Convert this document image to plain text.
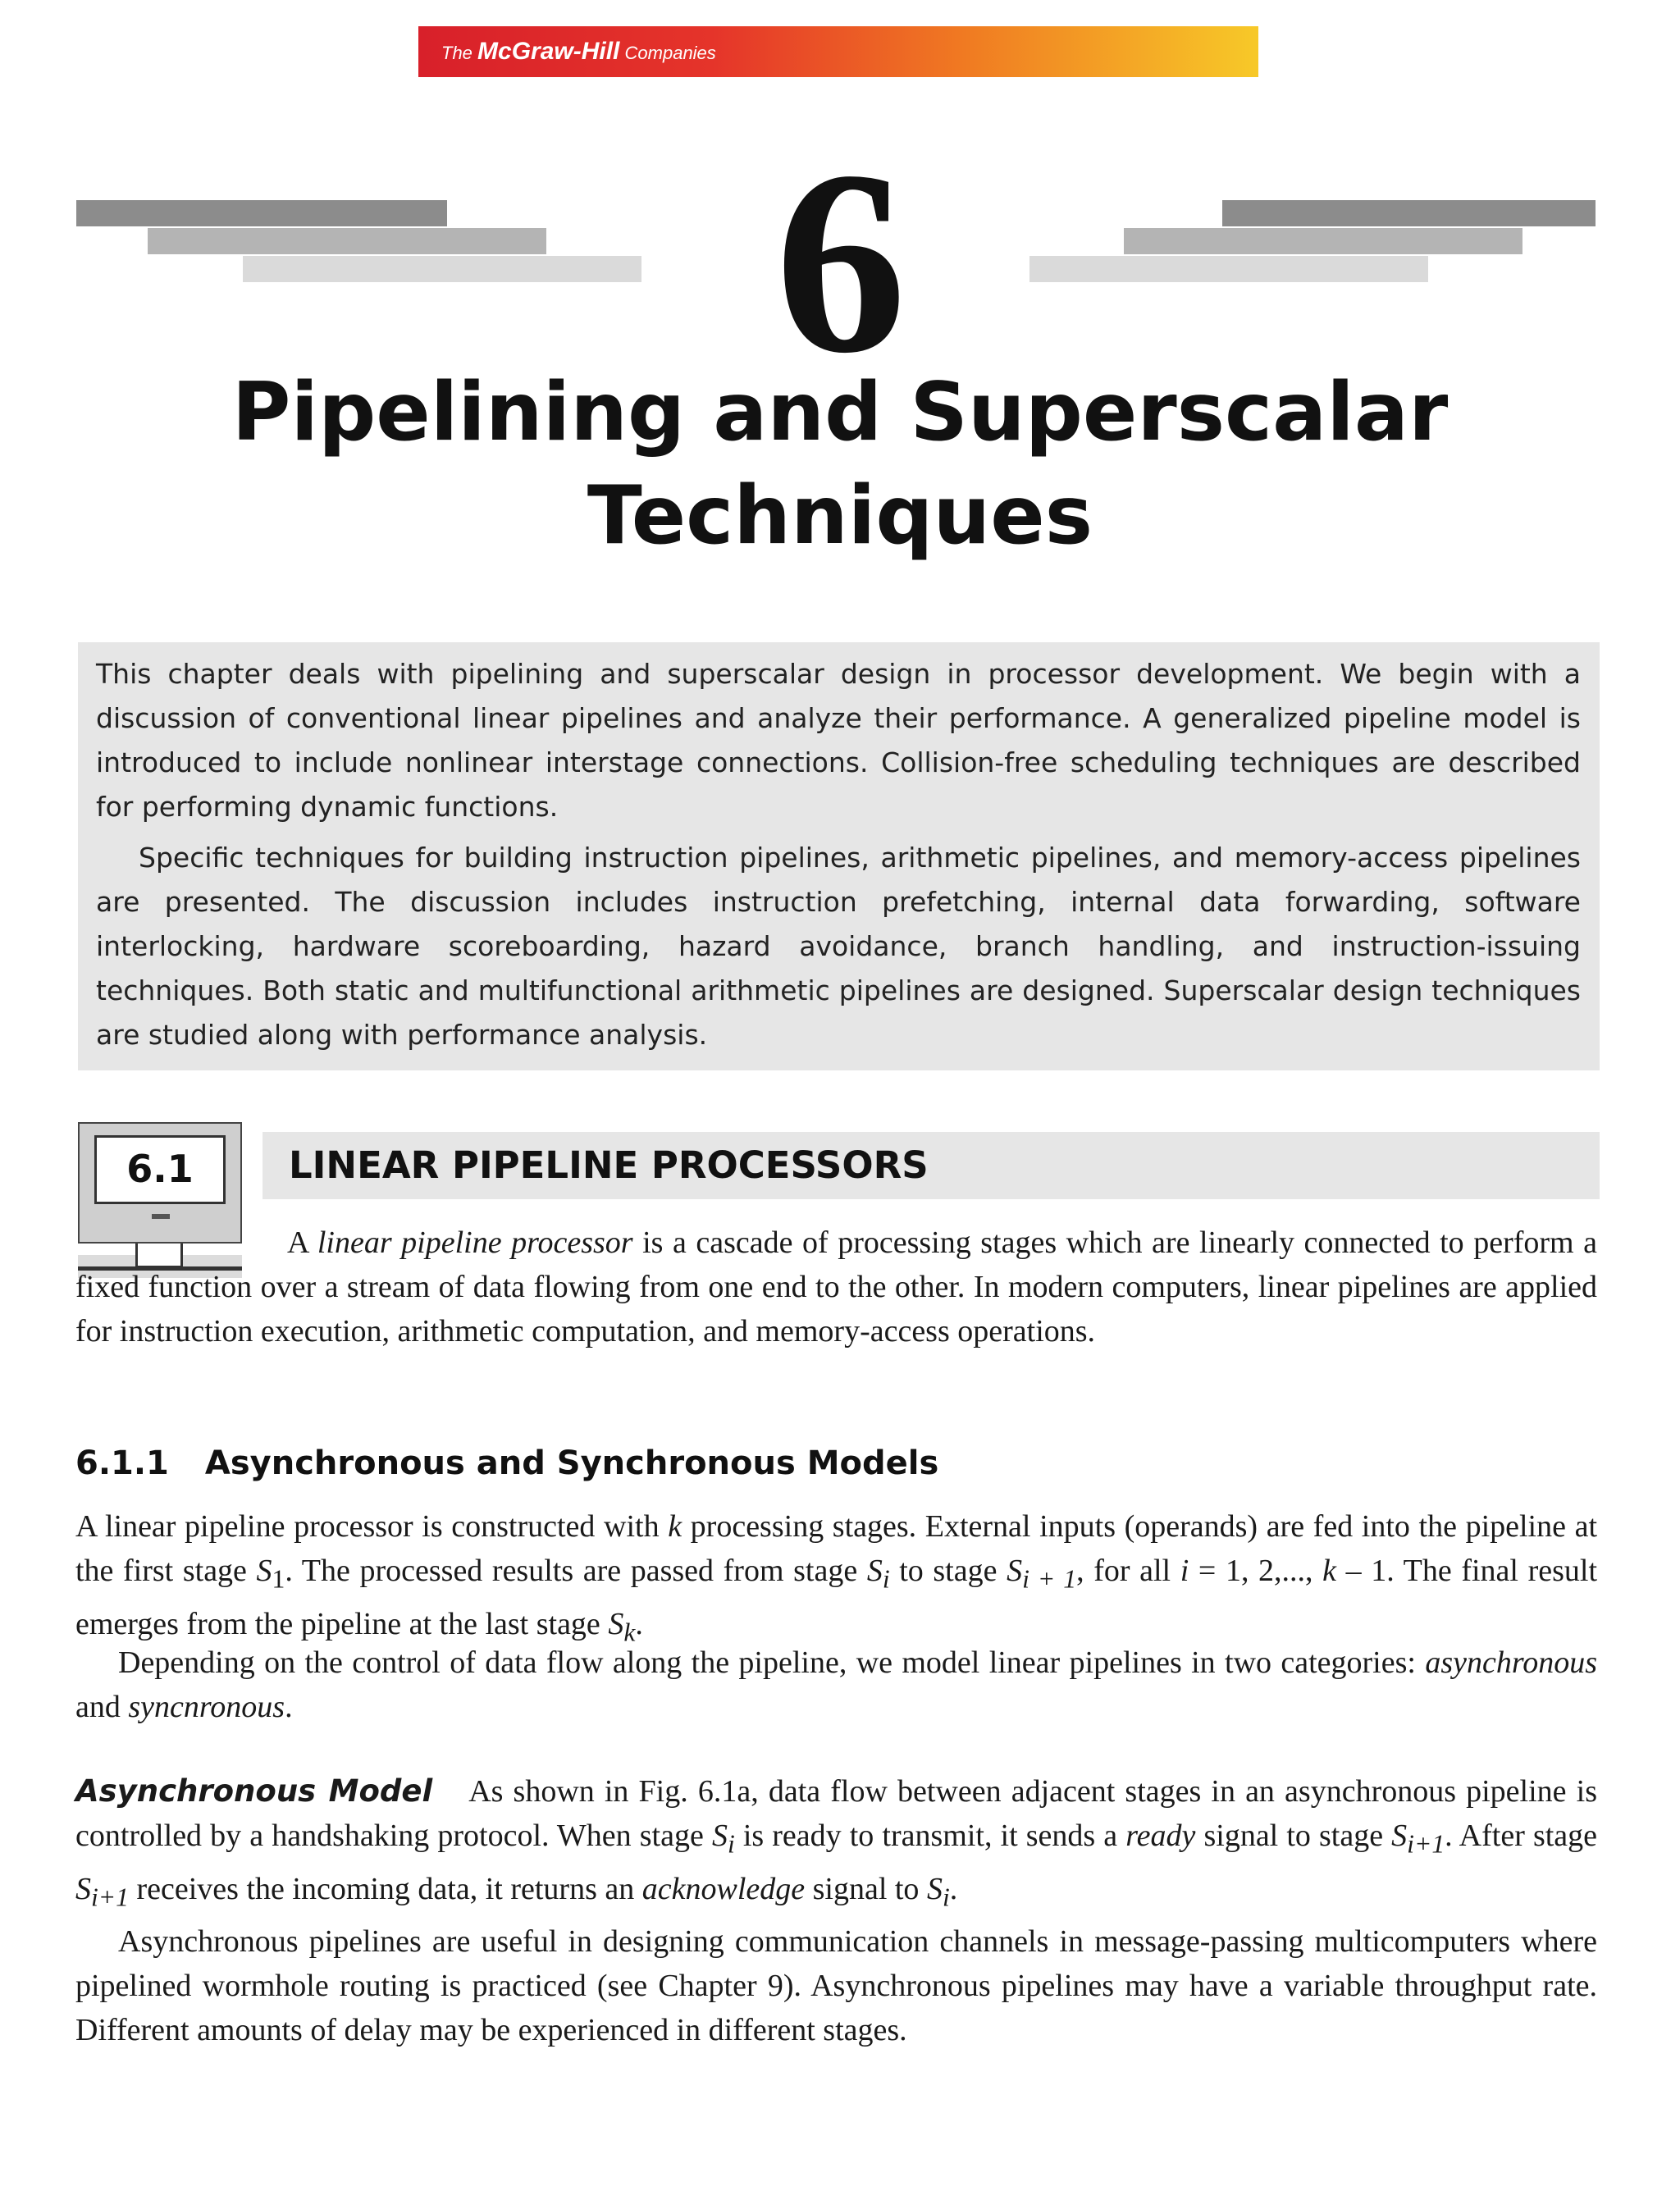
The McGraw-Hill Companies
6
Pipelining and Superscalar
Techniques

This chapter deals with pipelining and superscalar design in processor development. We begin with a discussion of conventional linear pipelines and analyze their performance. A generalized pipeline model is introduced to include nonlinear interstage connections. Collision-free scheduling techniques are described for performing dynamic functions.

Specific techniques for building instruction pipelines, arithmetic pipelines, and memory-access pipelines are presented. The discussion includes instruction prefetching, internal data forwarding, software interlocking, hardware scoreboarding, hazard avoidance, branch handling, and instruction-issuing techniques. Both static and multifunctional arithmetic pipelines are designed. Superscalar design techniques are studied along with performance analysis.

6.1	LINEAR PIPELINE PROCESSORS

A linear pipeline processor is a cascade of processing stages which are linearly connected to perform a fixed function over a stream of data flowing from one end to the other. In modern computers, linear pipelines are applied for instruction execution, arithmetic computation, and memory-access operations.

6.1.1 Asynchronous and Synchronous Models

A linear pipeline processor is constructed with k processing stages. External inputs (operands) are fed into the pipeline at the first stage $S_1$. The processed results are passed from stage $S_i$ to stage $S_{i + 1}$, for all i = 1, 2,..., k – 1. The final result emerges from the pipeline at the last stage $S_k$.

Depending on the control of data flow along the pipeline, we model linear pipelines in two categories: asynchronous and syncnronous.

Asynchronous Model As shown in Fig. 6.1a, data flow between adjacent stages in an asynchronous pipeline is controlled by a handshaking protocol. When stage $S_i$ is ready to transmit, it sends a ready signal to stage $S_{i+1}$. After stage $S_{i+1}$ receives the incoming data, it returns an acknowledge signal to $S_i$.

Asynchronous pipelines are useful in designing communication channels in message-passing multicomputers where pipelined wormhole routing is practiced (see Chapter 9). Asynchronous pipelines may have a variable throughput rate. Different amounts of delay may be experienced in different stages.
